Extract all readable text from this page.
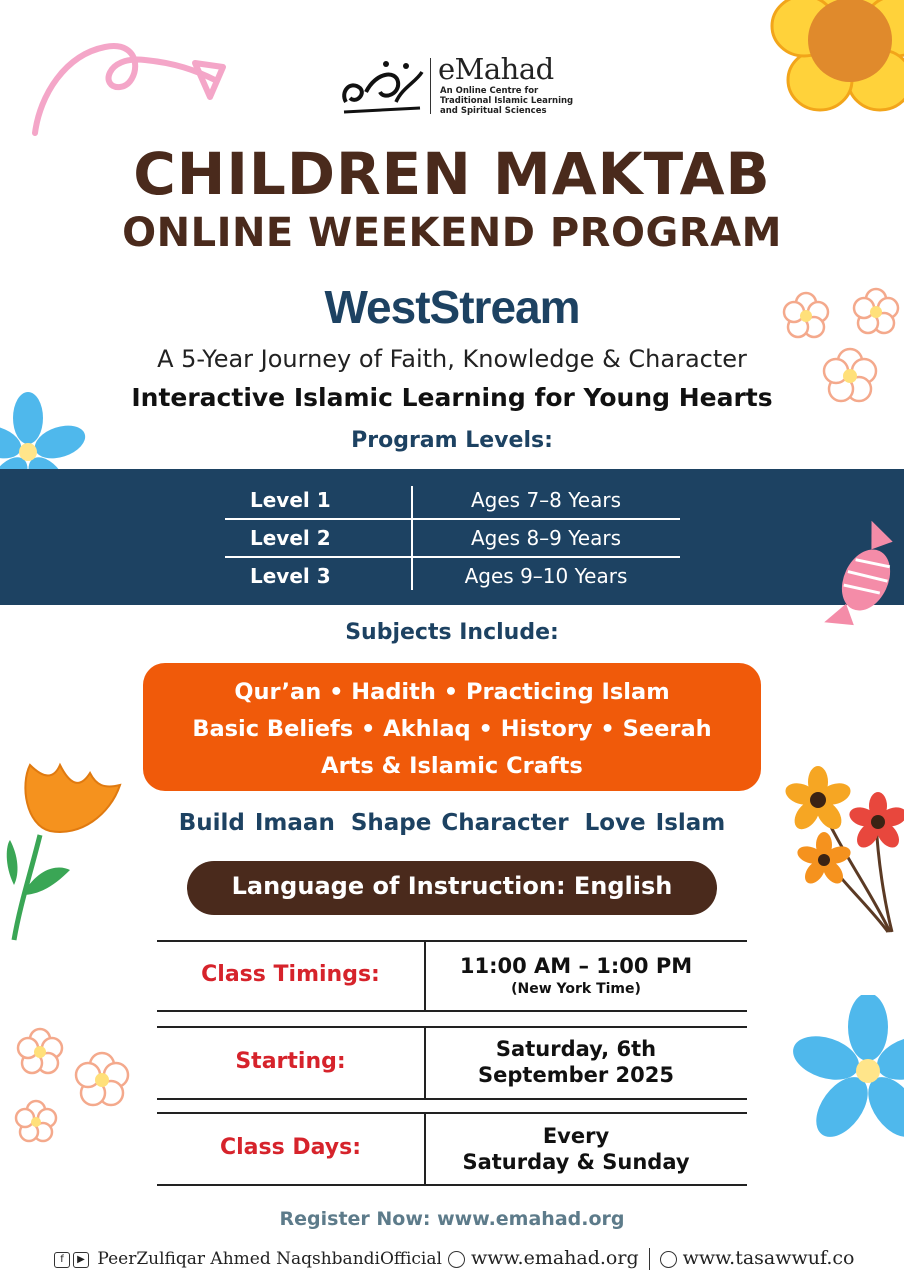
eMahad
An Online Centre for
Traditional Islamic Learning
and Spiritual Sciences
CHILDREN MAKTAB
ONLINE WEEKEND PROGRAM
WestStream
A 5-Year Journey of Faith, Knowledge & Character
Interactive Islamic Learning for Young Hearts
Program Levels:
Level 1	Ages 7–8 Years
Level 2	Ages 8–9 Years
Level 3	Ages 9–10 Years
Subjects Include:
Qur’an • Hadith • Practicing Islam
Basic Beliefs • Akhlaq • History • Seerah
Arts & Islamic Crafts
Build Imaan Shape Character Love Islam
Language of Instruction: English
Class Timings:	11:00 AM – 1:00 PM
(New York Time)
Starting:	Saturday, 6th
September 2025
Class Days:	Every
Saturday & Sunday
Register Now: www.emahad.org
f ▶ PeerZulfiqar Ahmed NaqshbandiOfficial	www.emahad.org www.tasawwuf.co
